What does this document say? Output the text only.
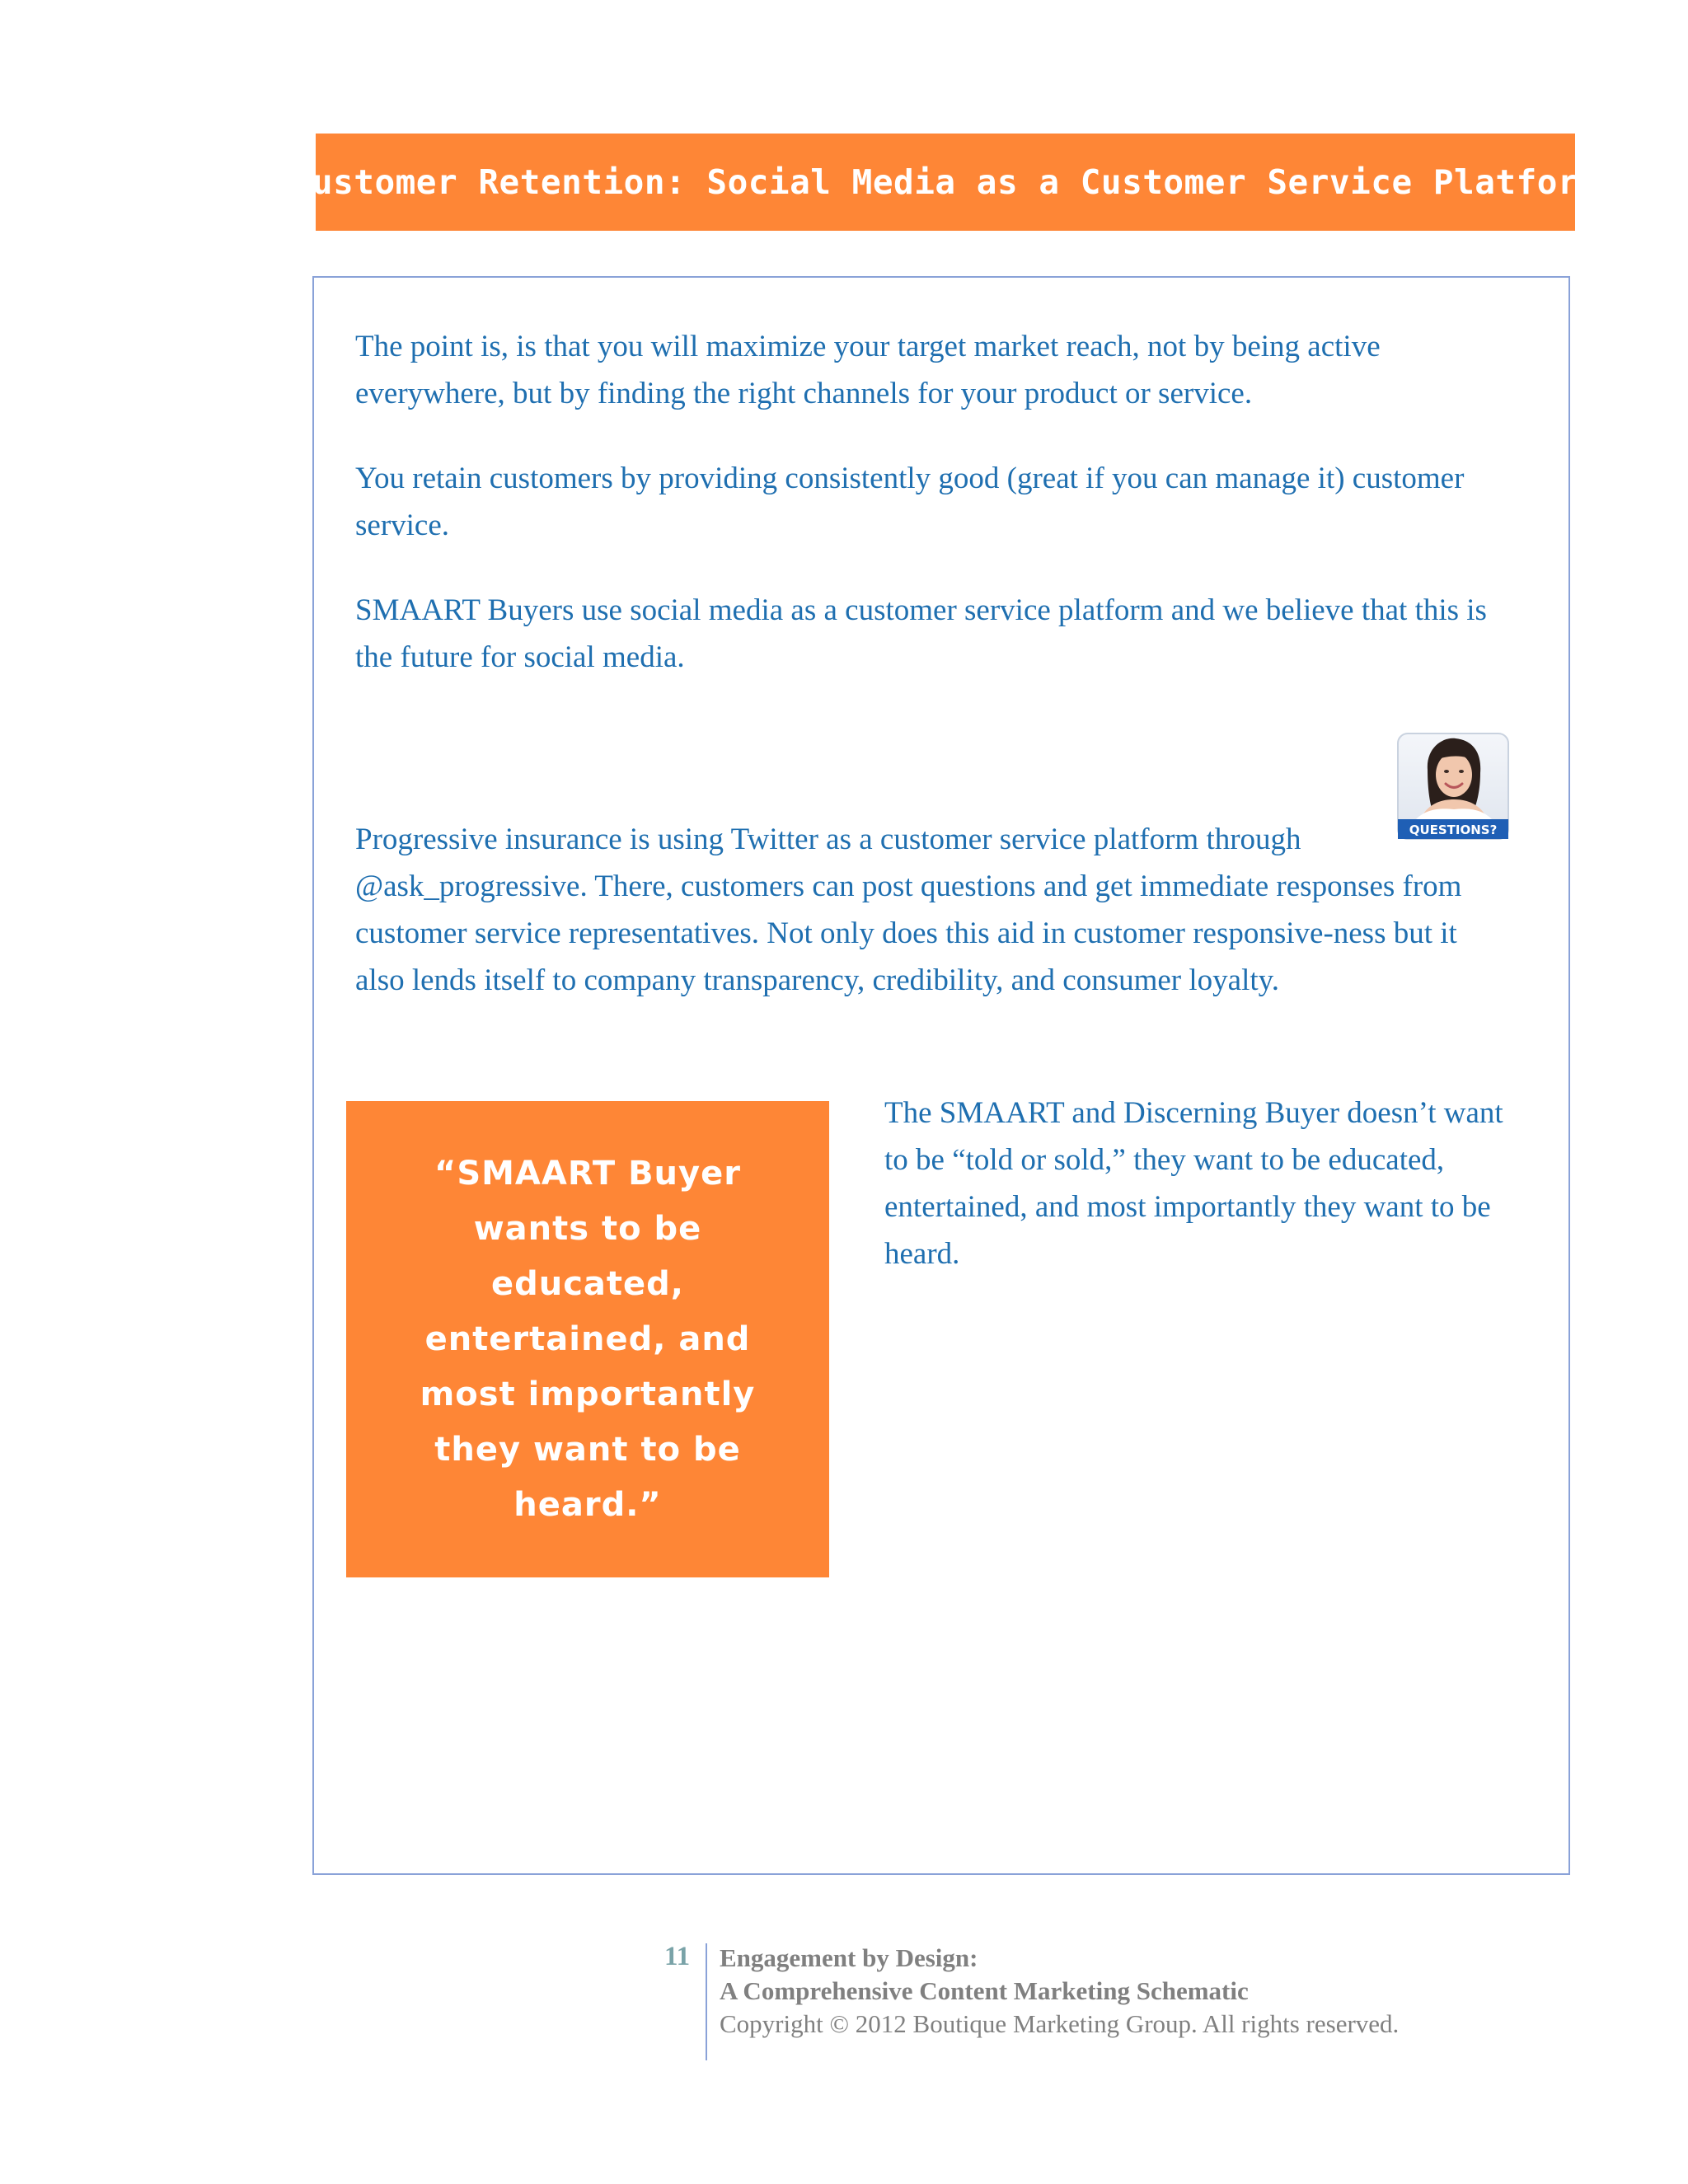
Customer Retention: Social Media as a Customer Service Platform

The point is, is that you will maximize your target market reach, not by being active everywhere, but by finding the right channels for your product or service.

You retain customers by providing consistently good (great if you can manage it) customer service.

SMAART Buyers use social media as a customer service platform and we believe that this is the future for social media.

QUESTIONS?

Progressive insurance is using Twitter as a customer service platform through @ask_progressive. There, customers can post questions and get immediate responses from customer service representatives. Not only does this aid in customer responsive-ness but it also lends itself to company transparency, credibility, and consumer loyalty.

“SMAART Buyer wants to be educated, entertained, and most importantly they want to be heard.”

The SMAART and Discerning Buyer doesn’t want to be “told or sold,” they want to be educated, entertained, and most importantly they want to be heard.

11 Engagement by Design:
A Comprehensive Content Marketing Schematic
Copyright © 2012 Boutique Marketing Group. All rights reserved.
